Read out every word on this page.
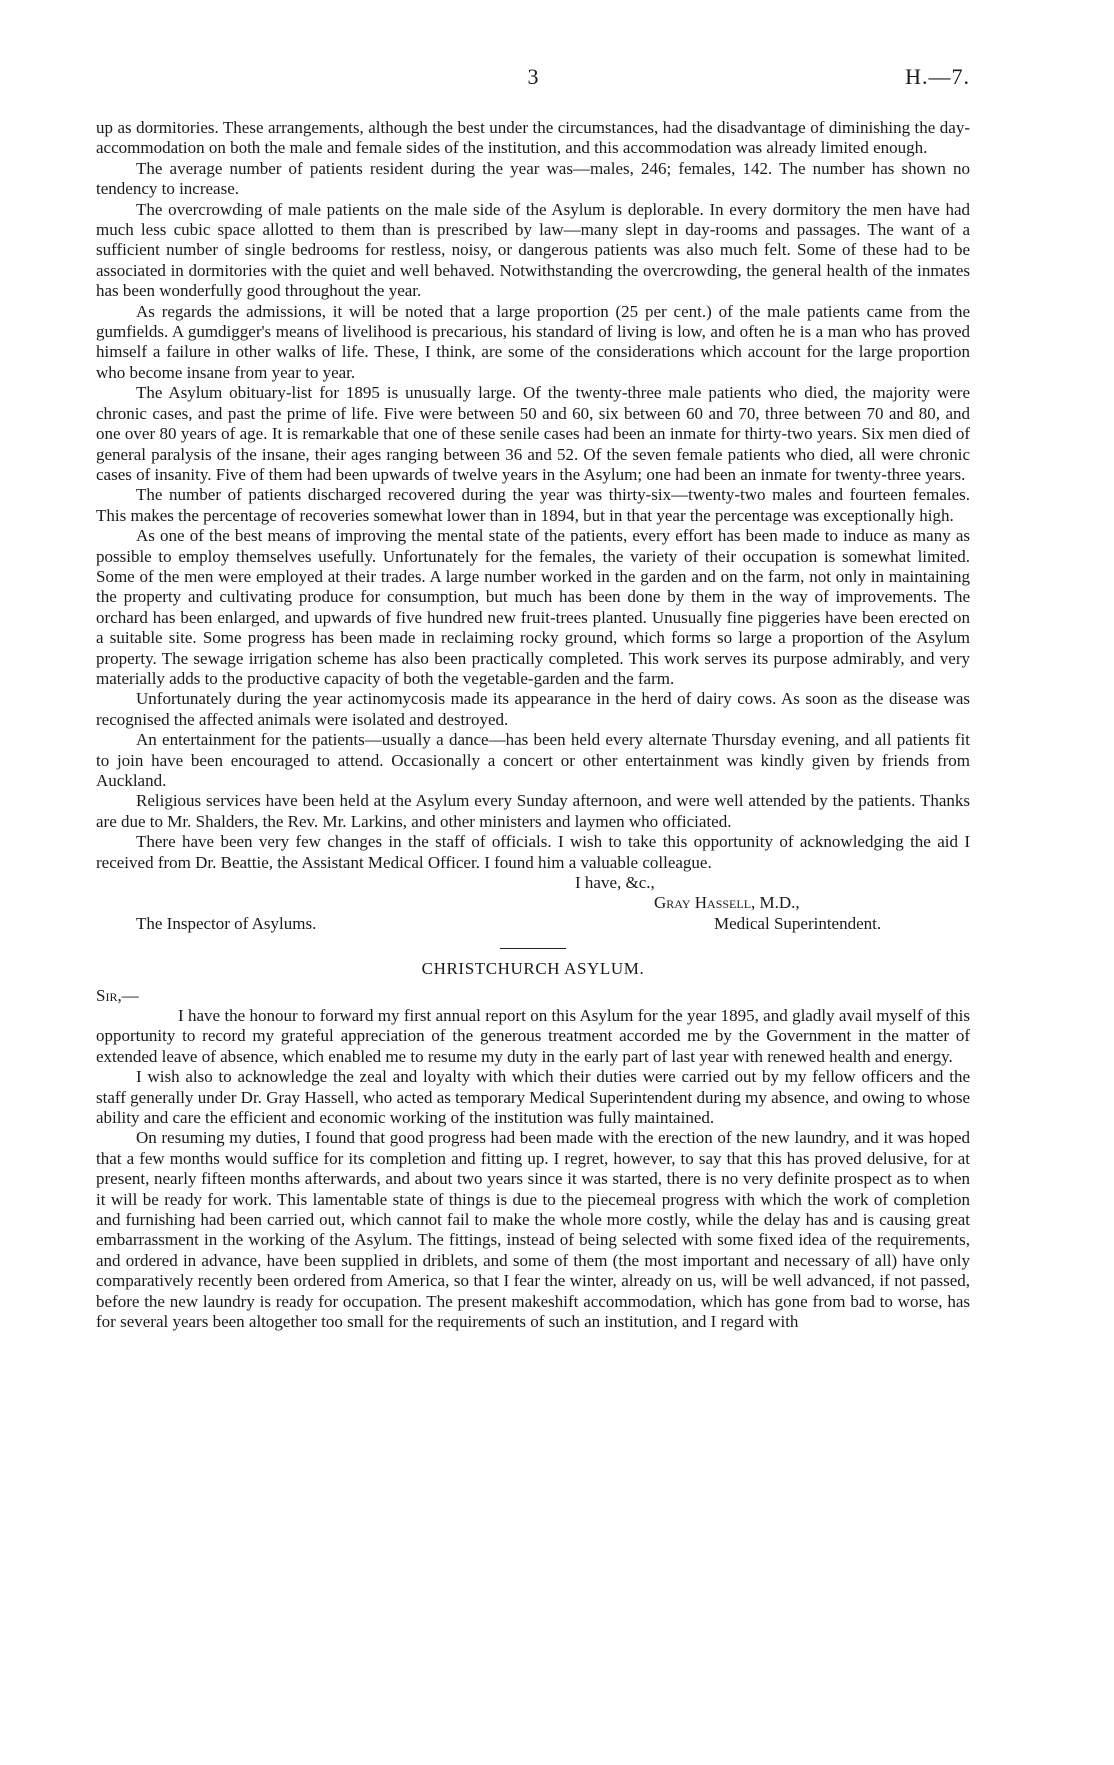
3	H.—7.

up as dormitories. These arrangements, although the best under the circumstances, had the disadvantage of diminishing the day-accommodation on both the male and female sides of the institution, and this accommodation was already limited enough.

The average number of patients resident during the year was—males, 246; females, 142. The number has shown no tendency to increase.

The overcrowding of male patients on the male side of the Asylum is deplorable. In every dormitory the men have had much less cubic space allotted to them than is prescribed by law—many slept in day-rooms and passages. The want of a sufficient number of single bedrooms for restless, noisy, or dangerous patients was also much felt. Some of these had to be associated in dormitories with the quiet and well behaved. Notwithstanding the overcrowding, the general health of the inmates has been wonderfully good throughout the year.

As regards the admissions, it will be noted that a large proportion (25 per cent.) of the male patients came from the gumfields. A gumdigger's means of livelihood is precarious, his standard of living is low, and often he is a man who has proved himself a failure in other walks of life. These, I think, are some of the considerations which account for the large proportion who become insane from year to year.

The Asylum obituary-list for 1895 is unusually large. Of the twenty-three male patients who died, the majority were chronic cases, and past the prime of life. Five were between 50 and 60, six between 60 and 70, three between 70 and 80, and one over 80 years of age. It is remarkable that one of these senile cases had been an inmate for thirty-two years. Six men died of general paralysis of the insane, their ages ranging between 36 and 52. Of the seven female patients who died, all were chronic cases of insanity. Five of them had been upwards of twelve years in the Asylum; one had been an inmate for twenty-three years.

The number of patients discharged recovered during the year was thirty-six—twenty-two males and fourteen females. This makes the percentage of recoveries somewhat lower than in 1894, but in that year the percentage was exceptionally high.

As one of the best means of improving the mental state of the patients, every effort has been made to induce as many as possible to employ themselves usefully. Unfortunately for the females, the variety of their occupation is somewhat limited. Some of the men were employed at their trades. A large number worked in the garden and on the farm, not only in maintaining the property and cultivating produce for consumption, but much has been done by them in the way of improvements. The orchard has been enlarged, and upwards of five hundred new fruit-trees planted. Unusually fine piggeries have been erected on a suitable site. Some progress has been made in reclaiming rocky ground, which forms so large a proportion of the Asylum property. The sewage irrigation scheme has also been practically completed. This work serves its purpose admirably, and very materially adds to the productive capacity of both the vegetable-garden and the farm.

Unfortunately during the year actinomycosis made its appearance in the herd of dairy cows. As soon as the disease was recognised the affected animals were isolated and destroyed.

An entertainment for the patients—usually a dance—has been held every alternate Thursday evening, and all patients fit to join have been encouraged to attend. Occasionally a concert or other entertainment was kindly given by friends from Auckland.

Religious services have been held at the Asylum every Sunday afternoon, and were well attended by the patients. Thanks are due to Mr. Shalders, the Rev. Mr. Larkins, and other ministers and laymen who officiated.

There have been very few changes in the staff of officials. I wish to take this opportunity of acknowledging the aid I received from Dr. Beattie, the Assistant Medical Officer. I found him a valuable colleague.

I have, &c.,
Gray Hassell, M.D.,
The Inspector of Asylums.	Medical Superintendent.

CHRISTCHURCH ASYLUM.

Sir,—

I have the honour to forward my first annual report on this Asylum for the year 1895, and gladly avail myself of this opportunity to record my grateful appreciation of the generous treatment accorded me by the Government in the matter of extended leave of absence, which enabled me to resume my duty in the early part of last year with renewed health and energy.

I wish also to acknowledge the zeal and loyalty with which their duties were carried out by my fellow officers and the staff generally under Dr. Gray Hassell, who acted as temporary Medical Superintendent during my absence, and owing to whose ability and care the efficient and economic working of the institution was fully maintained.

On resuming my duties, I found that good progress had been made with the erection of the new laundry, and it was hoped that a few months would suffice for its completion and fitting up. I regret, however, to say that this has proved delusive, for at present, nearly fifteen months afterwards, and about two years since it was started, there is no very definite prospect as to when it will be ready for work. This lamentable state of things is due to the piecemeal progress with which the work of completion and furnishing had been carried out, which cannot fail to make the whole more costly, while the delay has and is causing great embarrassment in the working of the Asylum. The fittings, instead of being selected with some fixed idea of the requirements, and ordered in advance, have been supplied in driblets, and some of them (the most important and necessary of all) have only comparatively recently been ordered from America, so that I fear the winter, already on us, will be well advanced, if not passed, before the new laundry is ready for occupation. The present makeshift accommodation, which has gone from bad to worse, has for several years been altogether too small for the requirements of such an institution, and I regard with
